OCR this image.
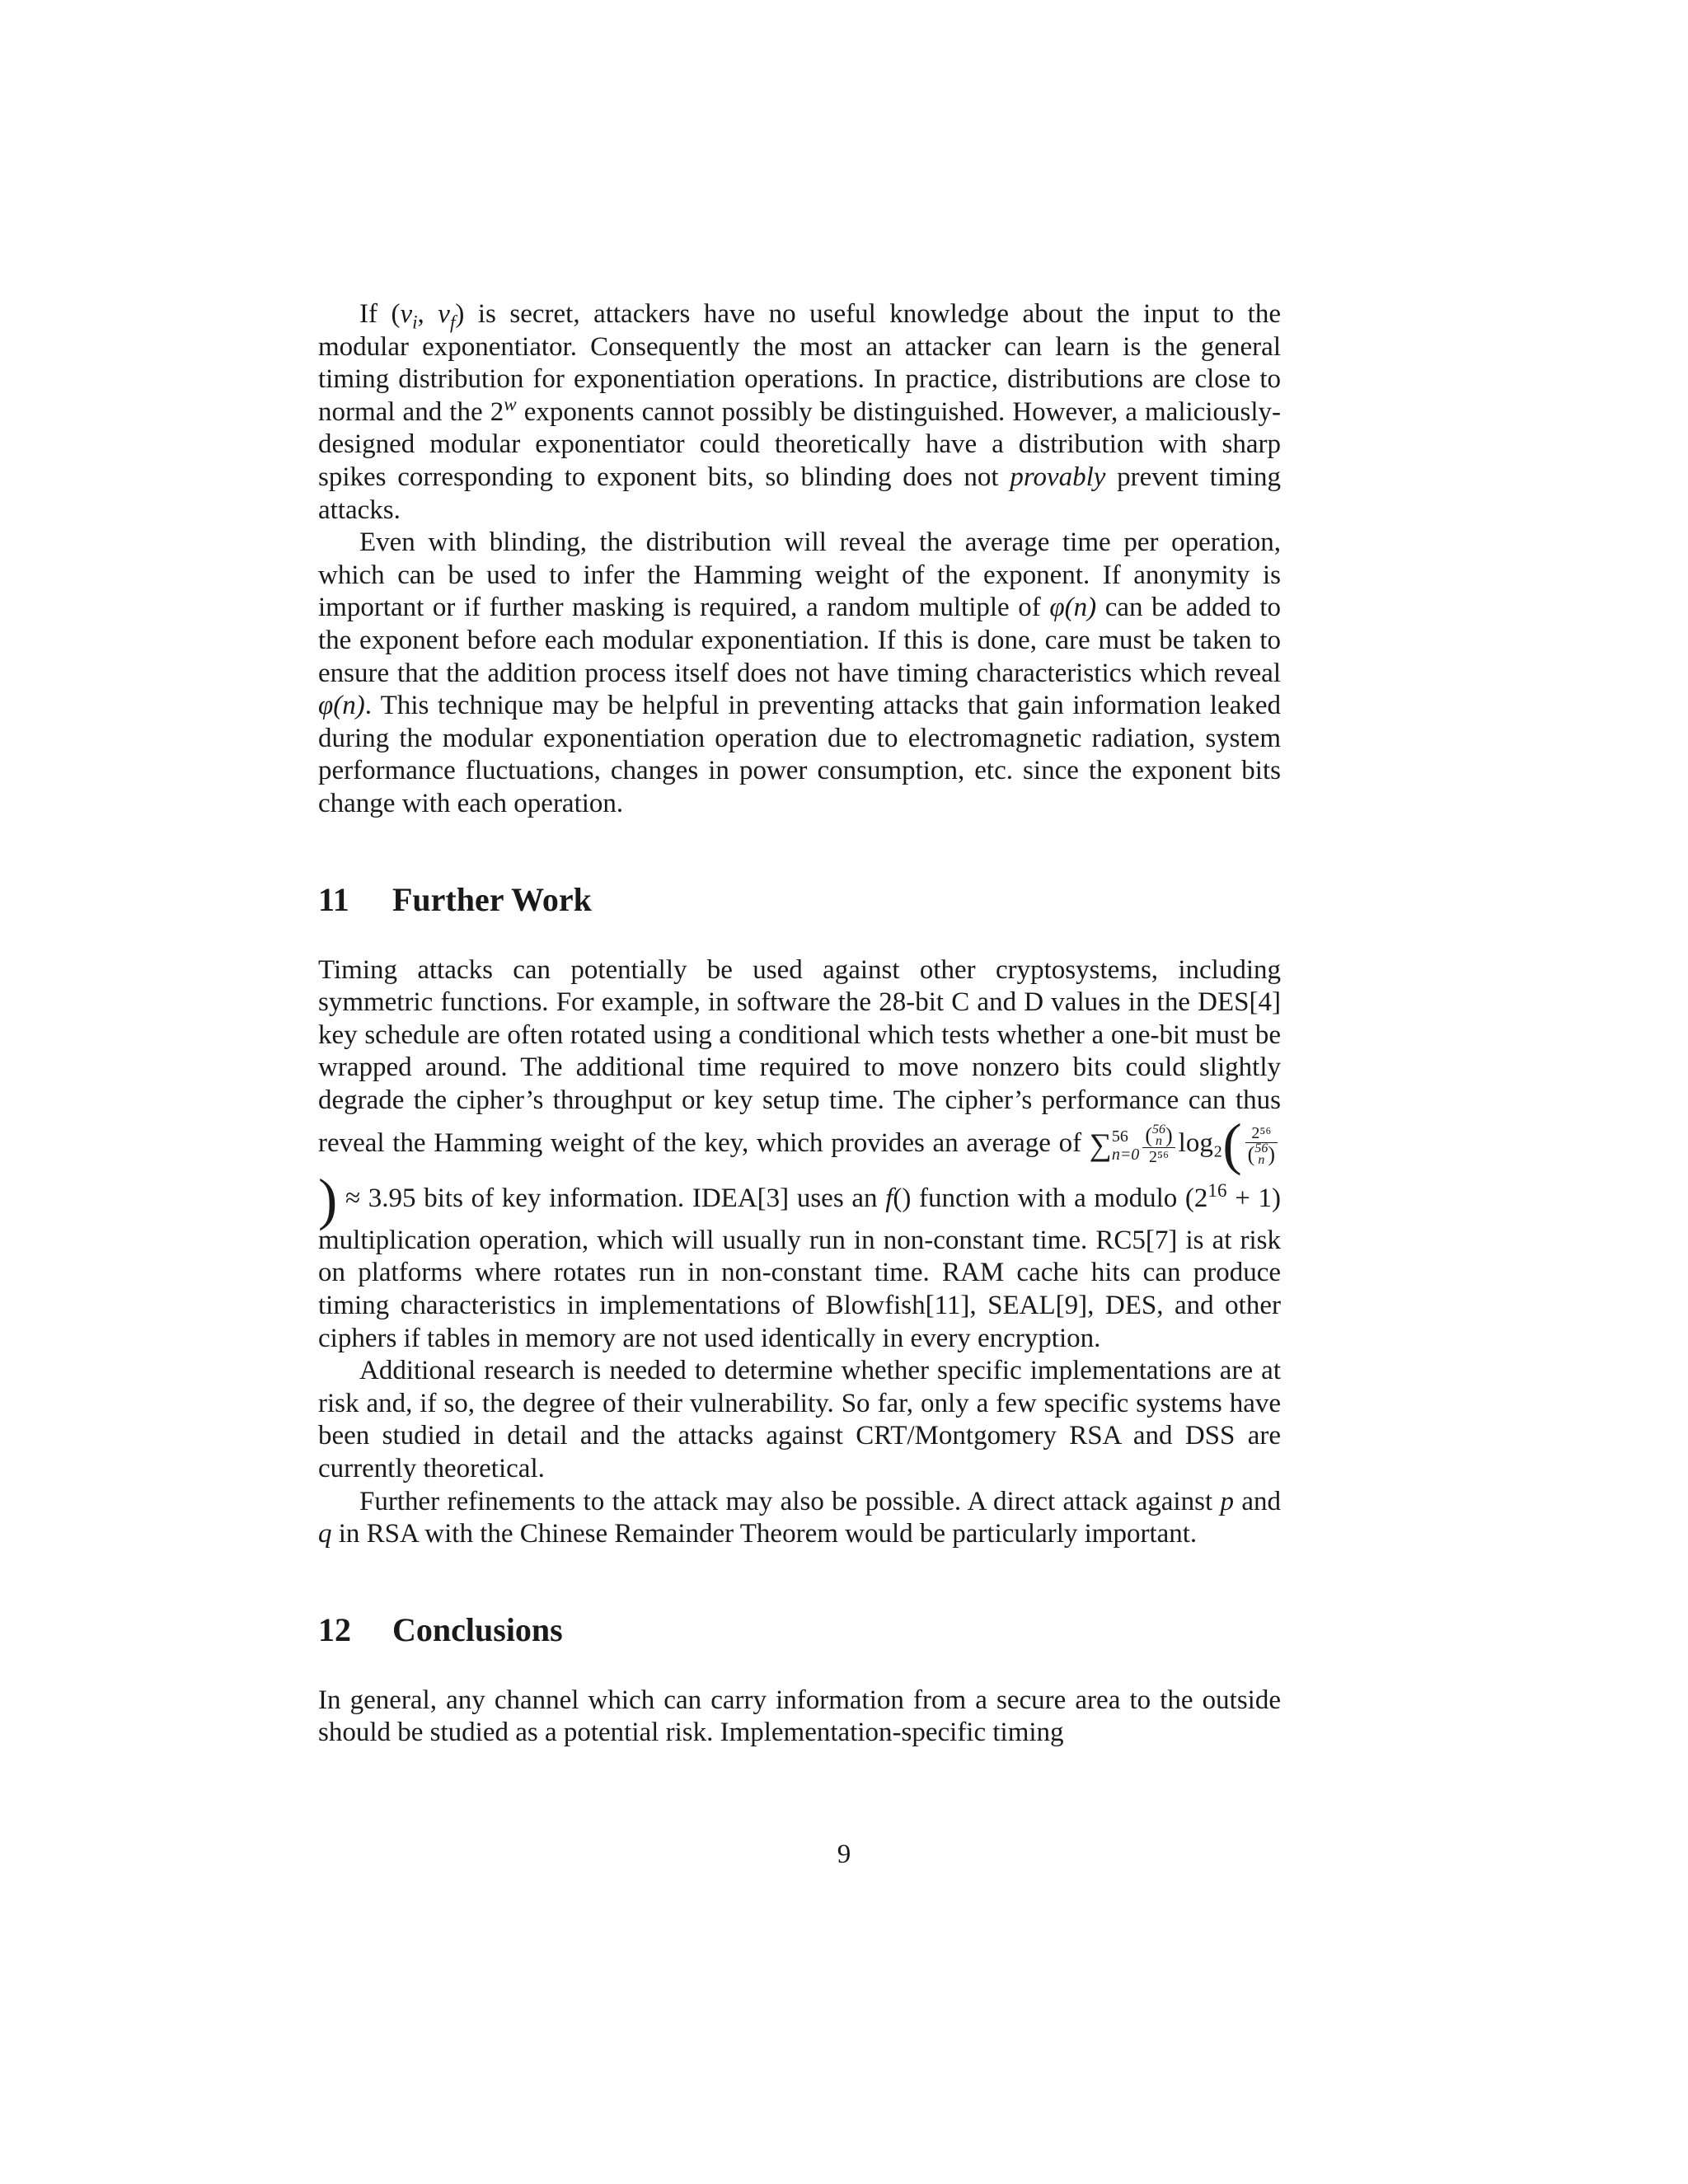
If ($v_i$, $v_f$) is secret, attackers have no useful knowledge about the input to the modular exponentiator. Consequently the most an attacker can learn is the general timing distribution for exponentiation operations. In practice, distributions are close to normal and the 2$^w$ exponents cannot possibly be distinguished. However, a maliciously-designed modular exponentiator could theoretically have a distribution with sharp spikes corresponding to exponent bits, so blinding does not provably prevent timing attacks.

Even with blinding, the distribution will reveal the average time per operation, which can be used to infer the Hamming weight of the exponent. If anonymity is important or if further masking is required, a random multiple of φ(n) can be added to the exponent before each modular exponentiation. If this is done, care must be taken to ensure that the addition process itself does not have timing characteristics which reveal φ(n). This technique may be helpful in preventing attacks that gain information leaked during the modular exponentiation operation due to electromagnetic radiation, system performance fluctuations, changes in power consumption, etc. since the exponent bits change with each operation.

11 Further Work

Timing attacks can potentially be used against other cryptosystems, including symmetric functions. For example, in software the 28-bit C and D values in the DES[4] key schedule are often rotated using a conditional which tests whether a one-bit must be wrapped around. The additional time required to move nonzero bits could slightly degrade the cipher’s throughput or key setup time. The cipher’s performance can thus reveal the Hamming weight of the key, which provides an average of ∑ 56
n=0 ( 56
n )
2⁵⁶ log₂( 2⁵⁶
( 56
n )
) ≈ 3.95 bits of key information. IDEA[3] uses an f() function with a modulo $(2^{16} + 1)$ multiplication operation, which will usually run in non-constant time. RC5[7] is at risk on platforms where rotates run in non-constant time. RAM cache hits can produce timing characteristics in implementations of Blowfish[11], SEAL[9], DES, and other ciphers if tables in memory are not used identically in every encryption.

Additional research is needed to determine whether specific implementations are at risk and, if so, the degree of their vulnerability. So far, only a few specific systems have been studied in detail and the attacks against CRT/Montgomery RSA and DSS are currently theoretical.

Further refinements to the attack may also be possible. A direct attack against p and q in RSA with the Chinese Remainder Theorem would be particularly important.

12 Conclusions

In general, any channel which can carry information from a secure area to the outside should be studied as a potential risk. Implementation-specific timing

9
